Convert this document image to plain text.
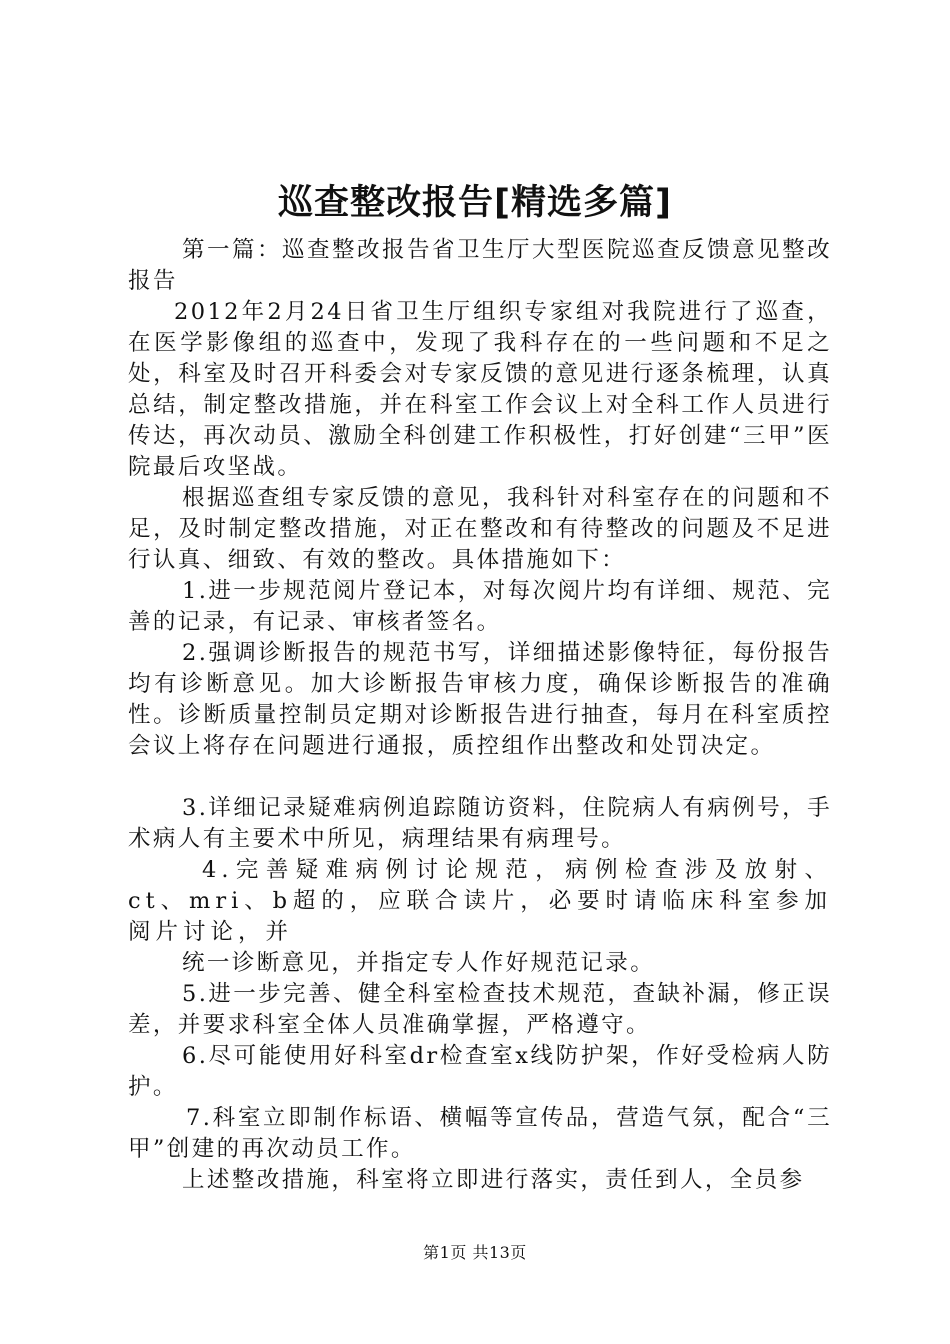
巡查整改报告[精选多篇]

第一篇：巡查整改报告省卫生厅大型医院巡查反馈意见整改报告

2012年2月24日省卫生厅组织专家组对我院进行了巡查，在医学影像组的巡查中，发现了我科存在的一些问题和不足之处，科室及时召开科委会对专家反馈的意见进行逐条梳理，认真总结，制定整改措施，并在科室工作会议上对全科工作人员进行传达，再次动员、激励全科创建工作积极性，打好创建“三甲”医院最后攻坚战。

根据巡查组专家反馈的意见，我科针对科室存在的问题和不足，及时制定整改措施，对正在整改和有待整改的问题及不足进行认真、细致、有效的整改。具体措施如下：

1.进一步规范阅片登记本，对每次阅片均有详细、规范、完善的记录，有记录、审核者签名。

2.强调诊断报告的规范书写，详细描述影像特征，每份报告均有诊断意见。加大诊断报告审核力度，确保诊断报告的准确性。诊断质量控制员定期对诊断报告进行抽查，每月在科室质控会议上将存在问题进行通报，质控组作出整改和处罚决定。

3.详细记录疑难病例追踪随访资料，住院病人有病例号，手术病人有主要术中所见，病理结果有病理号。

4.完善疑难病例讨论规范，病例检查涉及放射、ct、mri、b超的，应联合读片，必要时请临床科室参加阅片讨论，并

统一诊断意见，并指定专人作好规范记录。

5.进一步完善、健全科室检查技术规范，查缺补漏，修正误差，并要求科室全体人员准确掌握，严格遵守。

6.尽可能使用好科室dr检查室x线防护架，作好受检病人防护。

7.科室立即制作标语、横幅等宣传品，营造气氛，配合“三甲”创建的再次动员工作。

上述整改措施，科室将立即进行落实，责任到人，全员参

第1页 共13页
